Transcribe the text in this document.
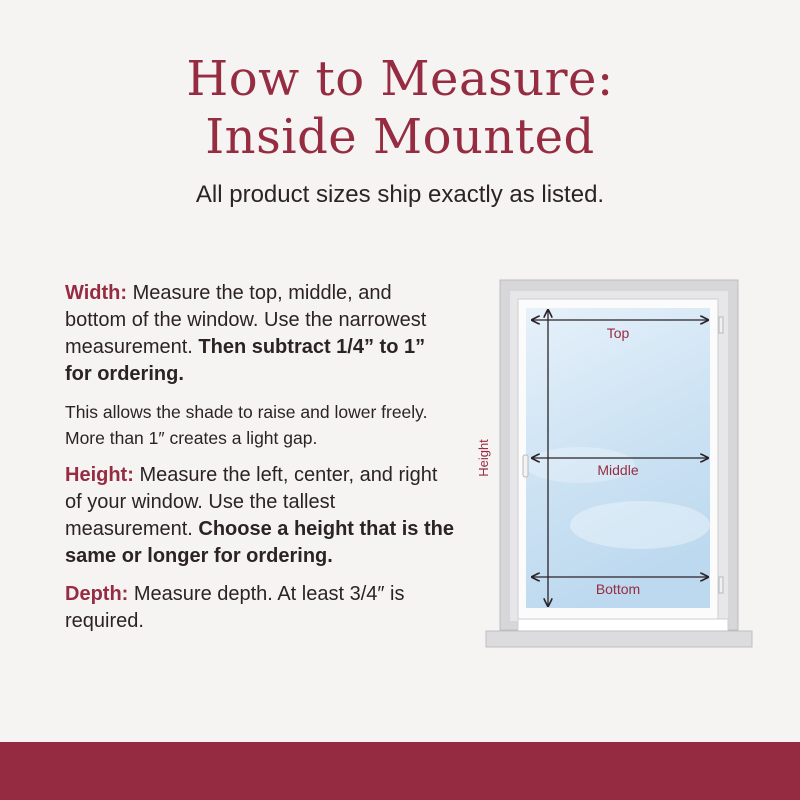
How to Measure:
Inside Mounted

All product sizes ship exactly as listed.

Width: Measure the top, middle, and bottom of the window. Use the narrowest measurement. Then subtract 1/4” to 1” for ordering.

This allows the shade to raise and lower freely. More than 1″ creates a light gap.

Height: Measure the left, center, and right of your window. Use the tallest measurement. Choose a height that is the same or longer for ordering.

Depth: Measure depth. At least 3/4″ is required.

Top
Middle
Bottom
Height
